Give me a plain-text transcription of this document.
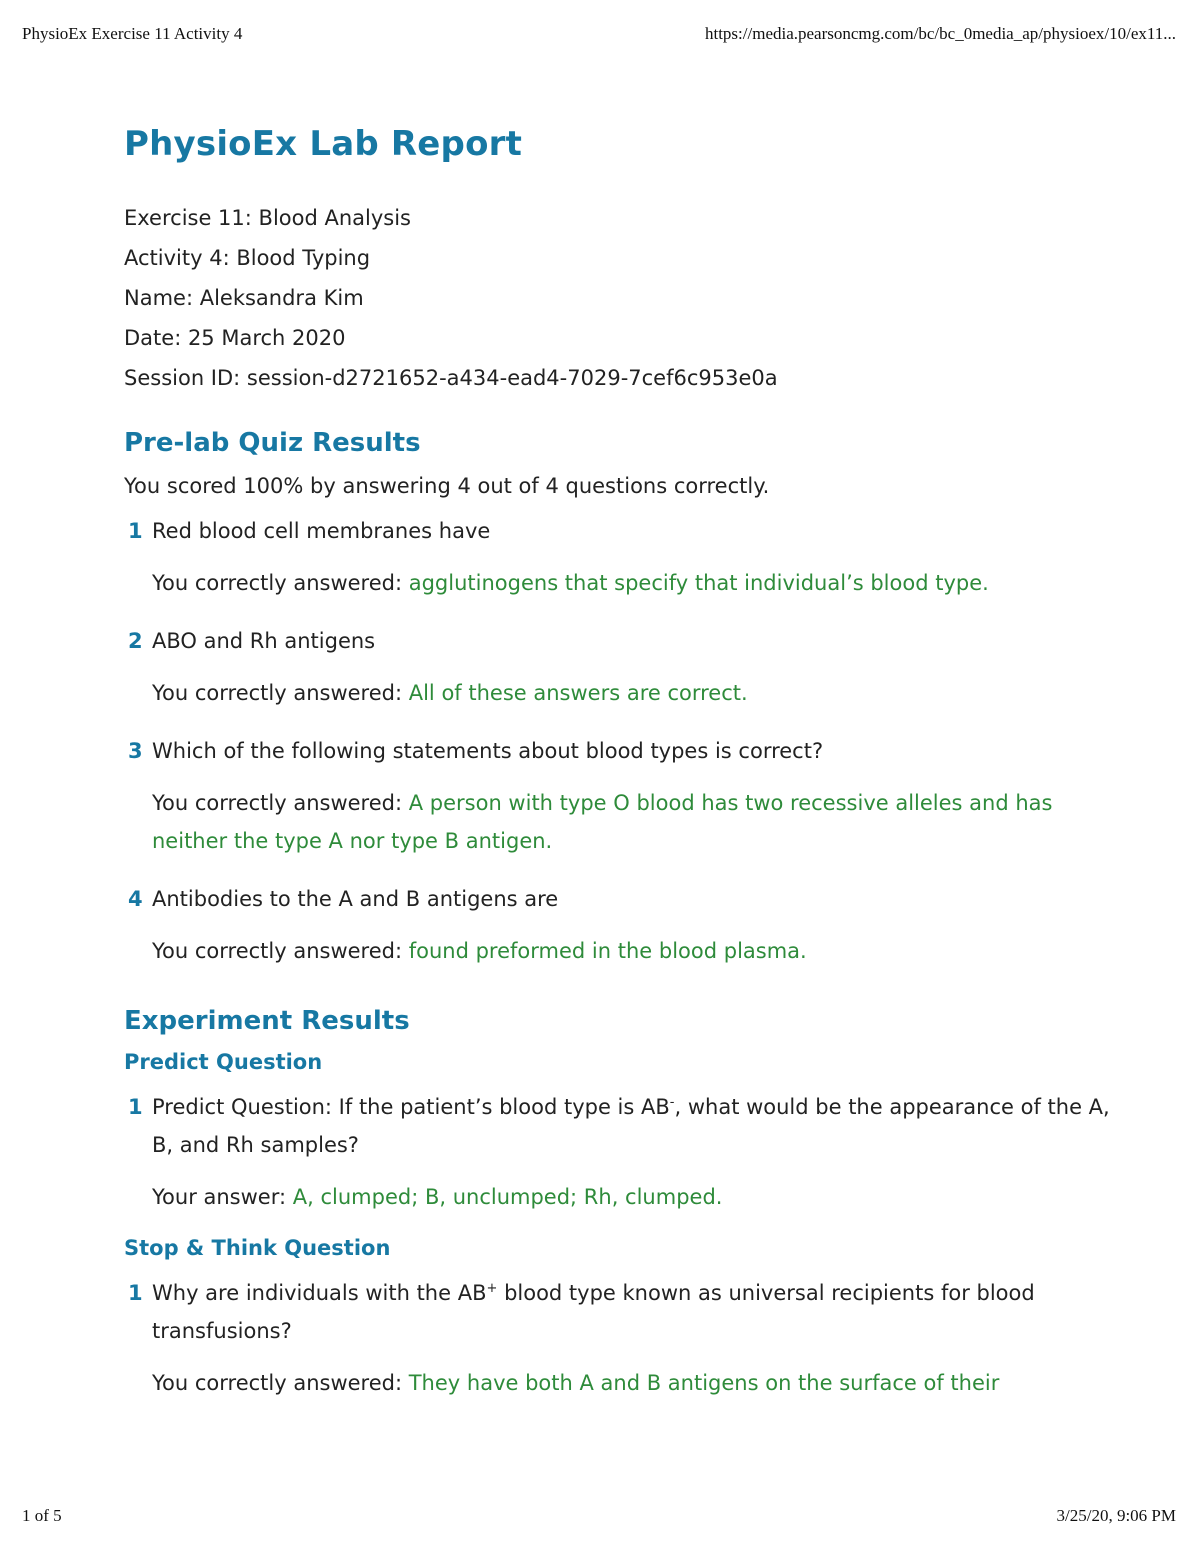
PhysioEx Exercise 11 Activity 4	https://media.pearsoncmg.com/bc/bc_0media_ap/physioex/10/ex11...
PhysioEx Lab Report
Exercise 11: Blood Analysis
Activity 4: Blood Typing
Name: Aleksandra Kim
Date: 25 March 2020
Session ID: session-d2721652-a434-ead4-7029-7cef6c953e0a
Pre-lab Quiz Results
You scored 100% by answering 4 out of 4 questions correctly.
1 Red blood cell membranes have
You correctly answered: agglutinogens that specify that individual’s blood type.
2 ABO and Rh antigens
You correctly answered: All of these answers are correct.
3 Which of the following statements about blood types is correct?
You correctly answered: A person with type O blood has two recessive alleles and has neither the type A nor type B antigen.
4 Antibodies to the A and B antigens are
You correctly answered: found preformed in the blood plasma.
Experiment Results
Predict Question
1 Predict Question: If the patient’s blood type is AB-, what would be the appearance of the A, B, and Rh samples?
Your answer: A, clumped; B, unclumped; Rh, clumped.
Stop & Think Question
1 Why are individuals with the AB+ blood type known as universal recipients for blood transfusions?
You correctly answered: They have both A and B antigens on the surface of their
1 of 5	3/25/20, 9:06 PM
